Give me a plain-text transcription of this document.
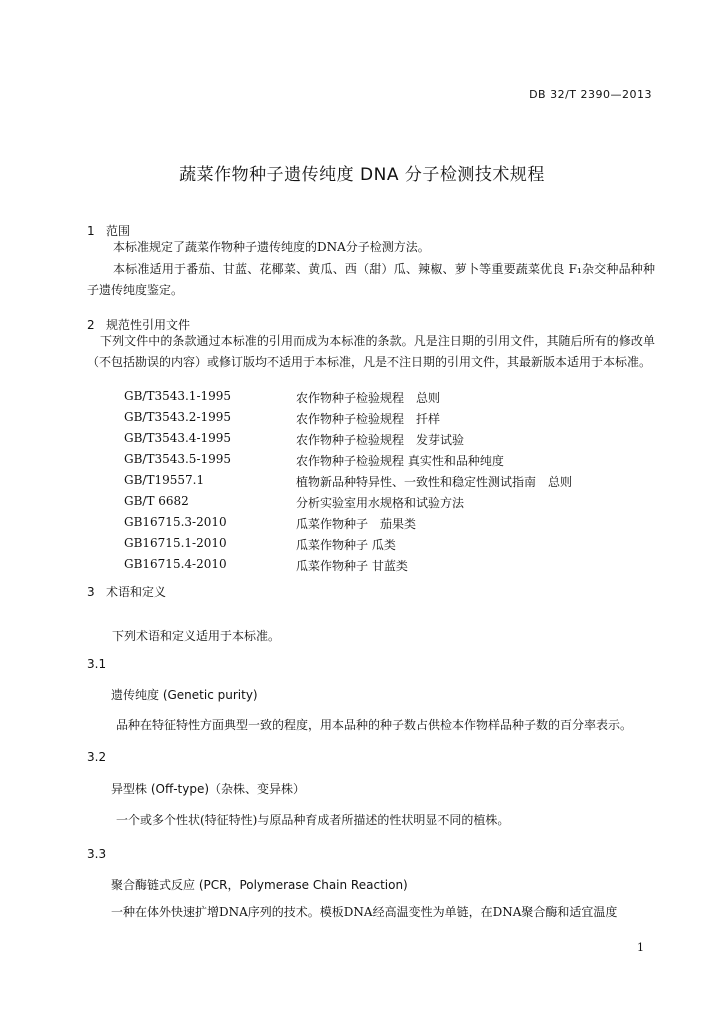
DB 32/T 2390—2013
蔬菜作物种子遗传纯度 DNA 分子检测技术规程
1 范围
本标准规定了蔬菜作物种子遗传纯度的DNA分子检测方法。
本标准适用于番茄、甘蓝、花椰菜、黄瓜、西（甜）瓜、辣椒、萝卜等重要蔬菜优良 F₁杂交种品种种子遗传纯度鉴定。
2 规范性引用文件
下列文件中的条款通过本标准的引用而成为本标准的条款。凡是注日期的引用文件，其随后所有的修改单（不包括勘误的内容）或修订版均不适用于本标准，凡是不注日期的引用文件，其最新版本适用于本标准。
GB/T3543.1-1995	农作物种子检验规程　总则
GB/T3543.2-1995	农作物种子检验规程　扦样
GB/T3543.4-1995	农作物种子检验规程　发芽试验
GB/T3543.5-1995	农作物种子检验规程 真实性和品种纯度
GB/T19557.1	植物新品种特异性、一致性和稳定性测试指南　总则
GB/T 6682	分析实验室用水规格和试验方法
GB16715.3-2010	瓜菜作物种子　茄果类
GB16715.1-2010	瓜菜作物种子 瓜类
GB16715.4-2010	瓜菜作物种子 甘蓝类
3 术语和定义
下列术语和定义适用于本标准。
3.1
遗传纯度 (Genetic purity)
品种在特征特性方面典型一致的程度，用本品种的种子数占供检本作物样品种子数的百分率表示。
3.2
异型株 (Off-type)（杂株、变异株）
一个或多个性状(特征特性)与原品种育成者所描述的性状明显不同的植株。
3.3
聚合酶链式反应 (PCR，Polymerase Chain Reaction)
一种在体外快速扩增DNA序列的技术。模板DNA经高温变性为单链，在DNA聚合酶和适宜温度
1
